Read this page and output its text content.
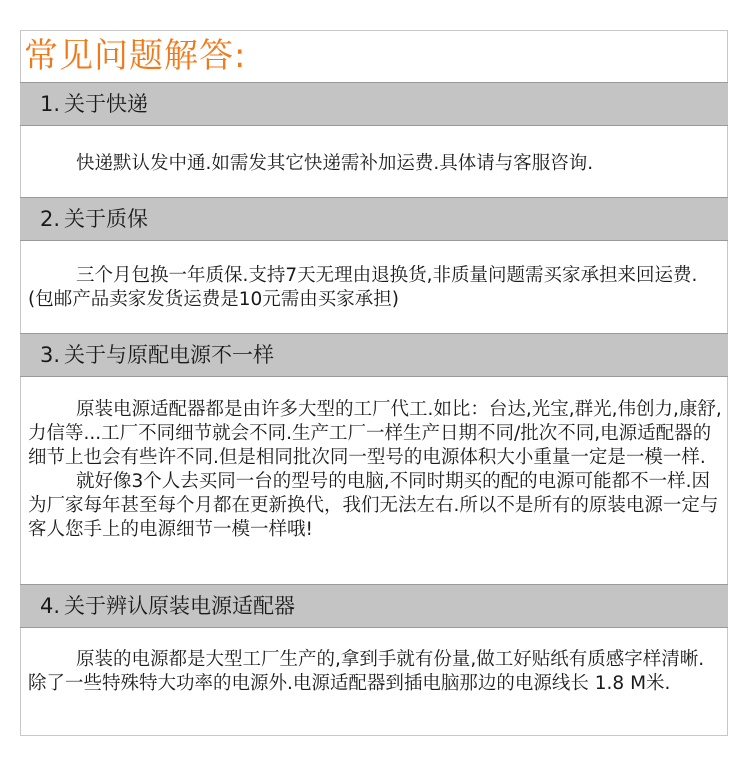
常见问题解答:
1. 关于快递

快递默认发中通.如需发其它快递需补加运费.具体请与客服咨询.

2. 关于质保

三个月包换一年质保.支持7天无理由退换货,非质量问题需买家承担来回运费.(包邮产品卖家发货运费是10元需由买家承担)

3. 关于与原配电源不一样

原装电源适配器都是由许多大型的工厂代工.如比：台达,光宝,群光,伟创力,康舒,力信等...工厂不同细节就会不同.生产工厂一样生产日期不同/批次不同,电源适配器的细节上也会有些许不同.但是相同批次同一型号的电源体积大小重量一定是一模一样.

就好像3个人去买同一台的型号的电脑,不同时期买的配的电源可能都不一样.因为厂家每年甚至每个月都在更新换代，我们无法左右.所以不是所有的原装电源一定与客人您手上的电源细节一模一样哦!

4. 关于辨认原装电源适配器

原装的电源都是大型工厂生产的,拿到手就有份量,做工好贴纸有质感字样清晰.除了一些特殊特大功率的电源外.电源适配器到插电脑那边的电源线长 1.8 M米.
